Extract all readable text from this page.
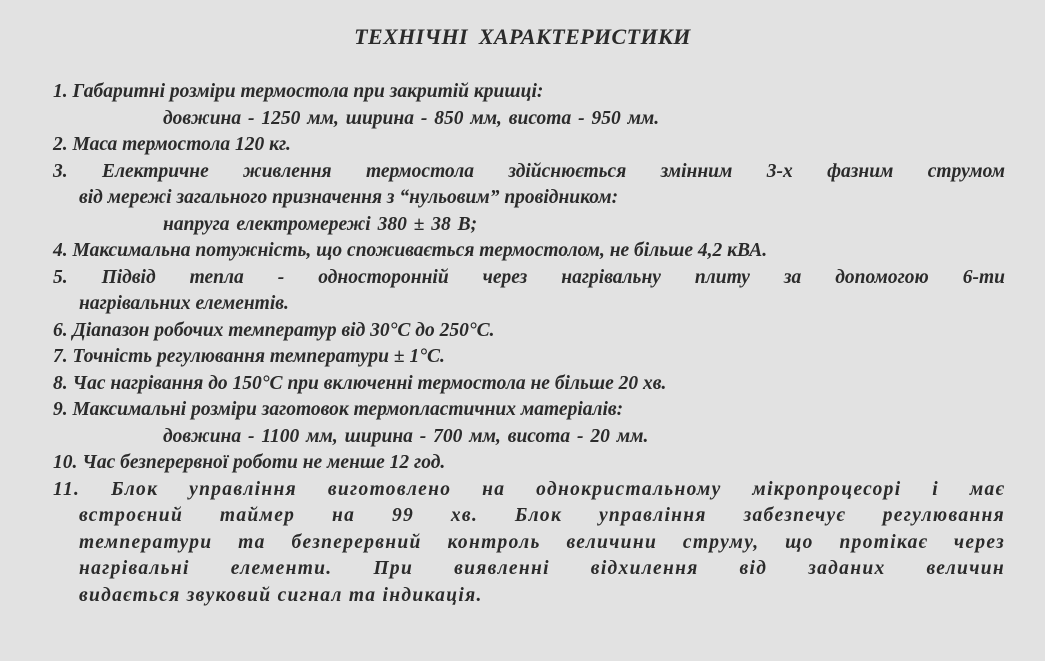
ТЕХНІЧНІ ХАРАКТЕРИСТИКИ
1. Габаритні розміри термостола при закритій кришці:
довжина - 1250 мм, ширина - 850 мм, висота - 950 мм.
2. Маса термостола 120 кг.
3. Електричне живлення термостола здійснюється змінним 3-х фазним струмом
від мережі загального призначення з “нульовим” провідником:
напруга електромережі 380 ± 38 В;
4. Максимальна потужність, що споживається термостолом, не більше 4,2 кВА.
5. Підвід тепла - односторонній через нагрівальну плиту за допомогою 6-ти
нагрівальних елементів.
6. Діапазон робочих температур від 30°С до 250°С.
7. Точність регулювання температури ± 1°С.
8. Час нагрівання до 150°С при включенні термостола не більше 20 хв.
9. Максимальні розміри заготовок термопластичних матеріалів:
довжина - 1100 мм, ширина - 700 мм, висота - 20 мм.
10. Час безперервної роботи не менше 12 год.
11. Блок управління виготовлено на однокристальному мікропроцесорі і має
встроєний таймер на 99 хв. Блок управління забезпечує регулювання
температури та безперервний контроль величини струму, що протікає через
нагрівальні елементи. При виявленні відхилення від заданих величин
видається звуковий сигнал та індикація.
